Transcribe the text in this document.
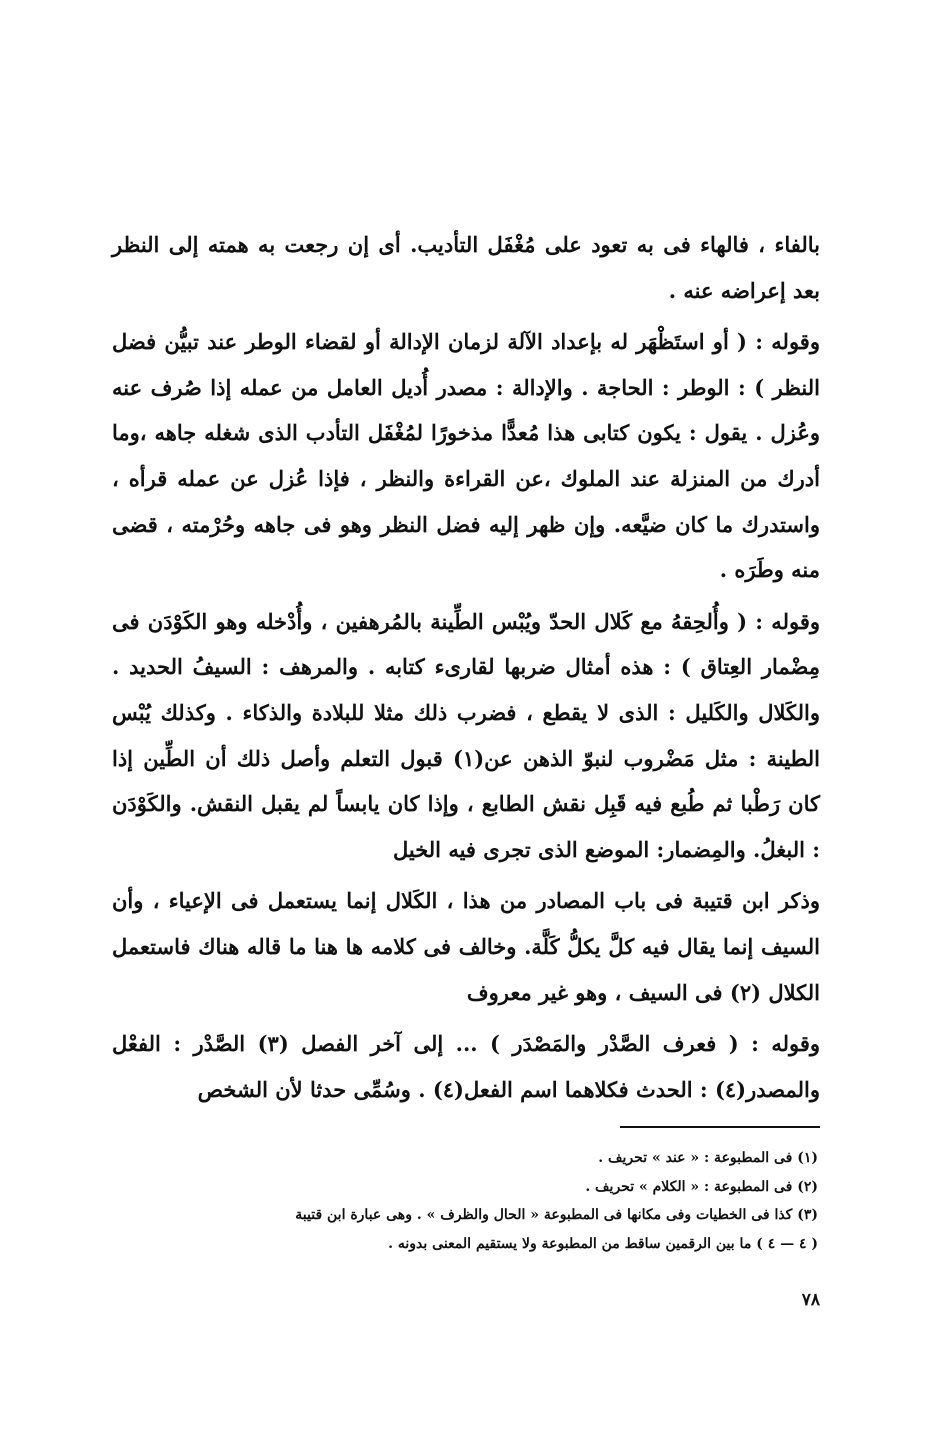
بالفاء ، فالهاء فى به تعود على مُغْفَل التأديب. أى إن رجعت به همته إلى النظر بعد إعراضه عنه .

وقوله : ( أو استَظْهَر له بإعداد الآلة لزمان الإدالة أو لقضاء الوطر عند تبيُّن فضل النظر ) : الوطر : الحاجة . والإدالة : مصدر أُديل العامل من عمله إذا صُرف عنه وعُزل . يقول : يكون كتابى هذا مُعدًّا مذخورًا لمُغْفَل التأدب الذى شغله جاهه ،وما أدرك من المنزلة عند الملوك ،عن القراءة والنظر ، فإذا عُزل عن عمله قرأه ، واستدرك ما كان ضيَّعه. وإن ظهر إليه فضل النظر وهو فى جاهه وحُرْمته ، قضى منه وطَرَه .

وقوله : ( وأُلحِقهُ مع كَلال الحدّ ويُبْس الطِّينة بالمُرهفين ، وأُدْخله وهو الكَوْدَن فى مِضْمار العِتاق ) : هذه أمثال ضربها لقارىء كتابه . والمرهف : السيفُ الحديد . والكَلال والكَليل : الذى لا يقطع ، فضرب ذلك مثلا للبلادة والذكاء . وكذلك يُبْس الطينة : مثل مَضْروب لنبوّ الذهن عن(١) قبول التعلم وأصل ذلك أن الطِّين إذا كان رَطْبا ثم طُبع فيه قَبِل نقش الطابع ، وإذا كان يابساً لم يقبل النقش. والكَوْدَن : البغلُ. والمِضمار: الموضع الذى تجرى فيه الخيل

وذكر ابن قتيبة فى باب المصادر من هذا ، الكَلال إنما يستعمل فى الإعياء ، وأن السيف إنما يقال فيه كلَّ يكلُّ كَلَّة. وخالف فى كلامه ها هنا ما قاله هناك فاستعمل الكلال (٢) فى السيف ، وهو غير معروف

وقوله : ( فعرف الصَّدْر والمَصْدَر ) ... إلى آخر الفصل (٣) الصَّدْر : الفعْل والمصدر(٤) : الحدث فكلاهما اسم الفعل(٤) . وسُمِّى حدثا لأن الشخص

(١) فى المطبوعة : « عند » تحريف .
(٢) فى المطبوعة : « الكلام » تحريف .
(٣) كذا فى الخطيات وفى مكانها فى المطبوعة « الحال والظرف » . وهى عبارة ابن قتيبة
( ٤ — ٤ ) ما بين الرقمين ساقط من المطبوعة ولا يستقيم المعنى بدونه .
٧٨
